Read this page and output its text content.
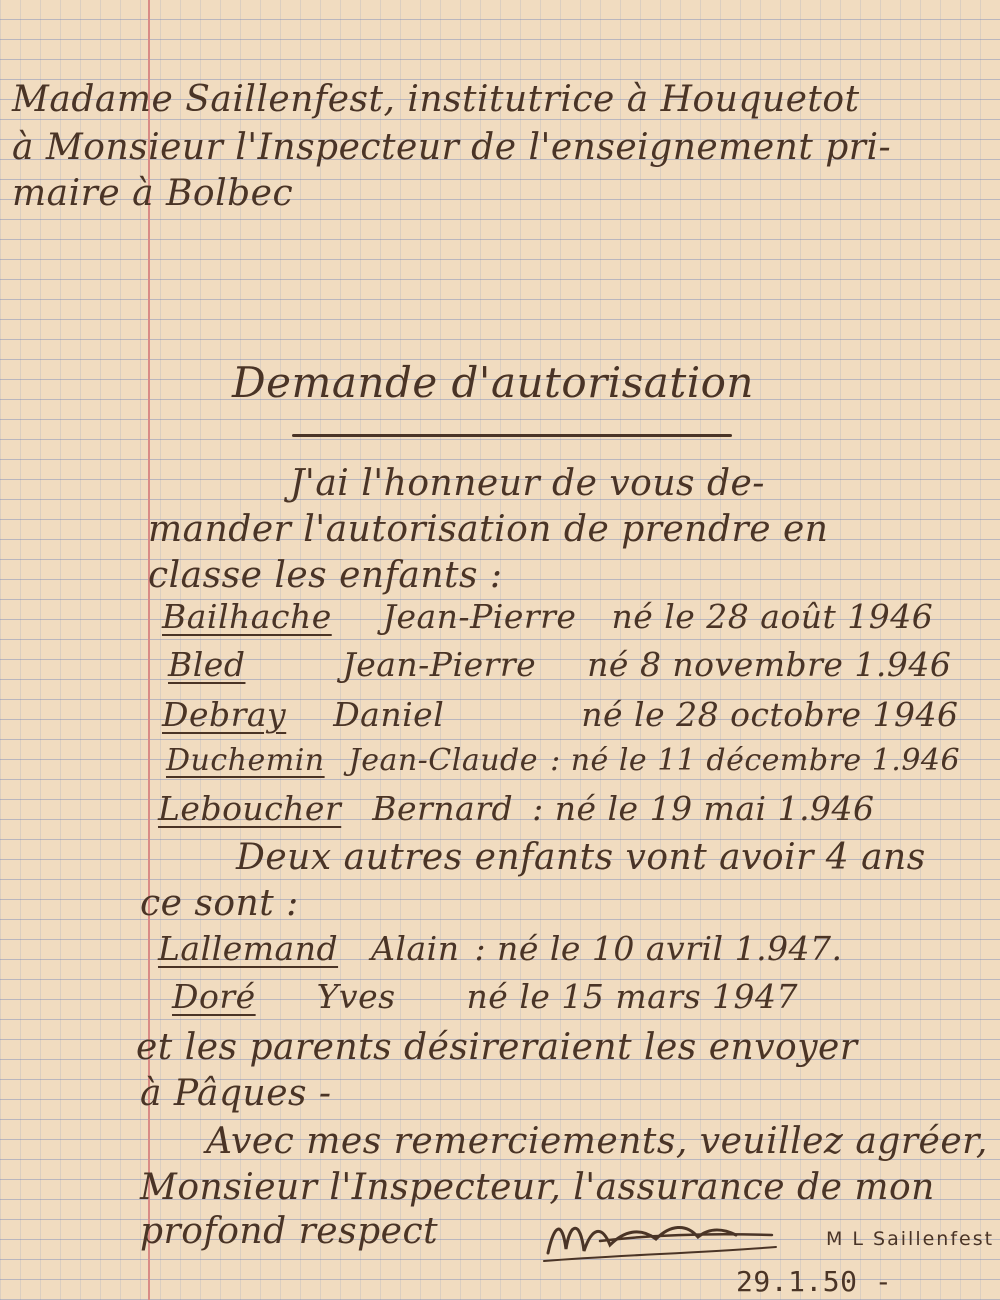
Madame Saillenfest, institutrice à Houquetot
à Monsieur l'Inspecteur de l'enseignement pri-
maire à Bolbec
Demande d'autorisation
J'ai l'honneur de vous de-
mander l'autorisation de prendre en
classe les enfants :
Bailhache Jean-Pierre né le 28 août 1946
Bled	Jean-Pierre né 8 novembre 1.946
Debray Daniel	né le 28 octobre 1946
Duchemin Jean-Claude : né le 11 décembre 1.946
Leboucher Bernard : né le 19 mai 1.946
Deux autres enfants vont avoir 4 ans
ce sont :
Lallemand Alain : né le 10 avril 1.947.
Doré Yves né le 15 mars 1947
et les parents désireraient les envoyer
à Pâques -
Avec mes remerciements, veuillez agréer,
Monsieur l'Inspecteur, l'assurance de mon
profond respect	M L Saillenfest
29.1.50 -
